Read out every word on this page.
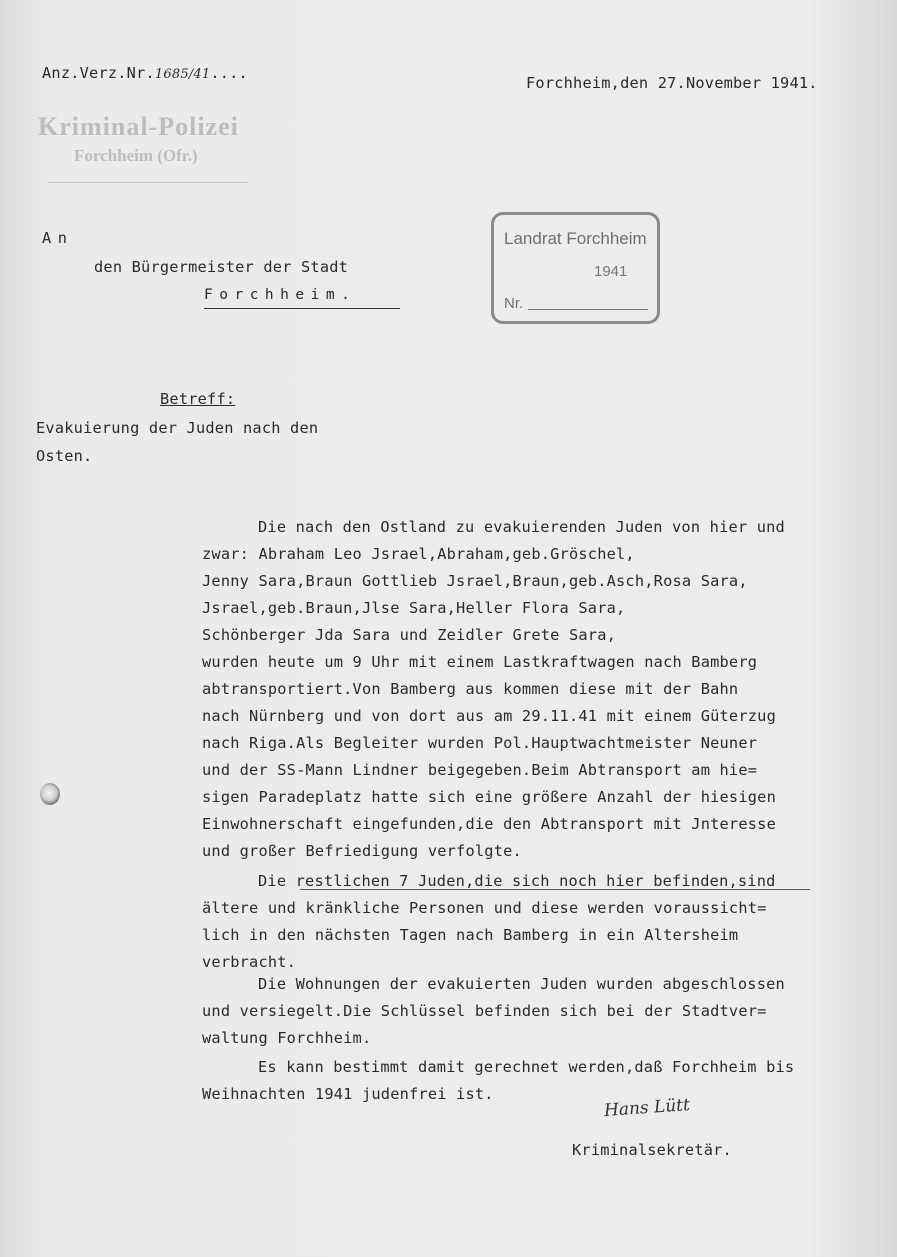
Anz.Verz.Nr.1685/41....
Forchheim,den 27.November 1941.
Kriminal-Polizei
Forchheim (Ofr.)
Landrat Forchheim
1941
Nr.
An
den Bürgermeister der Stadt
Forchheim.
Betreff:
Evakuierung der Juden nach den
Osten.
Die nach den Ostland zu evakuierenden Juden von hier und
zwar: Abraham Leo Jsrael,Abraham,geb.Gröschel,
Jenny Sara,Braun Gottlieb Jsrael,Braun,geb.Asch,Rosa Sara,
Jsrael,geb.Braun,Jlse Sara,Heller Flora Sara,
Schönberger Jda Sara und Zeidler Grete Sara,
wurden heute um 9 Uhr mit einem Lastkraftwagen nach Bamberg
abtransportiert.Von Bamberg aus kommen diese mit der Bahn
nach Nürnberg und von dort aus am 29.11.41 mit einem Güterzug
nach Riga.Als Begleiter wurden Pol.Hauptwachtmeister Neuner
und der SS-Mann Lindner beigegeben.Beim Abtransport am hie=
sigen Paradeplatz hatte sich eine größere Anzahl der hiesigen
Einwohnerschaft eingefunden,die den Abtransport mit Jnteresse
und großer Befriedigung verfolgte.
Die restlichen 7 Juden,die sich noch hier befinden,sind
ältere und kränkliche Personen und diese werden voraussicht=
lich in den nächsten Tagen nach Bamberg in ein Altersheim
verbracht.
Die Wohnungen der evakuierten Juden wurden abgeschlossen
und versiegelt.Die Schlüssel befinden sich bei der Stadtver=
waltung Forchheim.
Es kann bestimmt damit gerechnet werden,daß Forchheim bis
Weihnachten 1941 judenfrei ist.
Hans Lütt
Kriminalsekretär.
